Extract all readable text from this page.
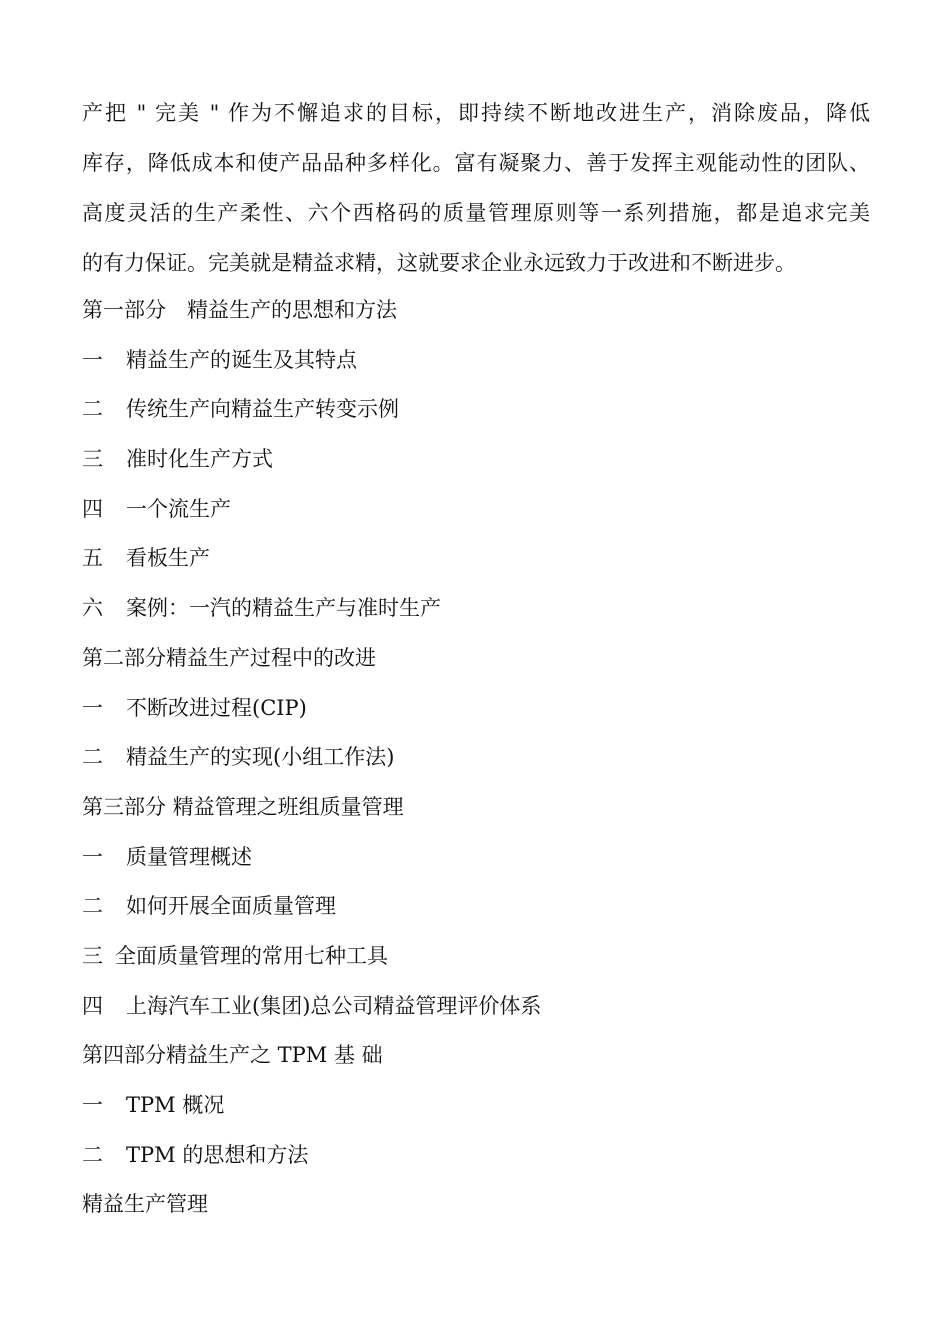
产把 " 完美 " 作为不懈追求的目标，即持续不断地改进生产，消除废品，降低
库存，降低成本和使产品品种多样化。富有凝聚力、善于发挥主观能动性的团队、
高度灵活的生产柔性、六个西格码的质量管理原则等一系列措施，都是追求完美
的有力保证。完美就是精益求精，这就要求企业永远致力于改进和不断进步。

第一部分　精益生产的思想和方法
一 精益生产的诞生及其特点
二 传统生产向精益生产转变示例
三 准时化生产方式
四 一个流生产
五 看板生产
六 案例：一汽的精益生产与准时生产
第二部分精益生产过程中的改进
一 不断改进过程(CIP)
二 精益生产的实现(小组工作法)
第三部分 精益管理之班组质量管理
一 质量管理概述
二 如何开展全面质量管理
三 全面质量管理的常用七种工具
四 上海汽车工业(集团)总公司精益管理评价体系
第四部分精益生产之 TPM 基 础
一 TPM 概况
二 TPM 的思想和方法
精益生产管理
